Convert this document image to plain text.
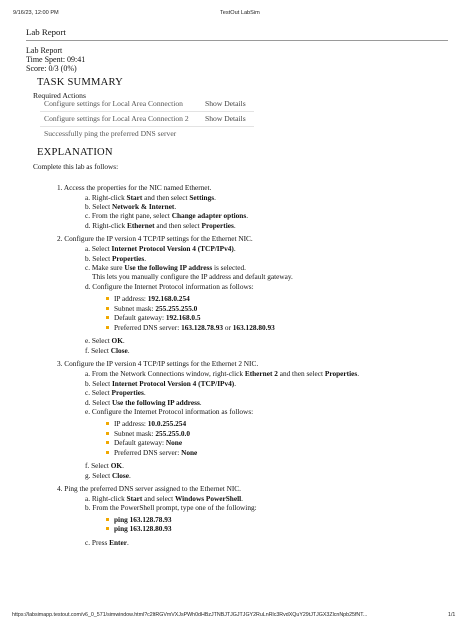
9/16/23, 12:00 PM	TestOut LabSim
Lab Report
Lab Report
Time Spent: 09:41
Score: 0/3 (0%)
TASK SUMMARY
Required Actions
Configure settings for Local Area Connection	Show Details
Configure settings for Local Area Connection 2 Show Details
Successfully ping the preferred DNS server
EXPLANATION
Complete this lab as follows:
1. Access the properties for the NIC named Ethernet.
a. Right-click Start and then select Settings.
b. Select Network & Internet.
c. From the right pane, select Change adapter options.
d. Right-click Ethernet and then select Properties.
2. Configure the IP version 4 TCP/IP settings for the Ethernet NIC.
a. Select Internet Protocol Version 4 (TCP/IPv4).
b. Select Properties.
c. Make sure Use the following IP address is selected.
This lets you manually configure the IP address and default gateway.
d. Configure the Internet Protocol information as follows:
IP address: 192.168.0.254
Subnet mask: 255.255.255.0
Default gateway: 192.168.0.5
Preferred DNS server: 163.128.78.93 or 163.128.80.93
e. Select OK.
f. Select Close.
3. Configure the IP version 4 TCP/IP settings for the Ethernet 2 NIC.
a. From the Network Connections window, right-click Ethernet 2 and then select Properties.
b. Select Internet Protocol Version 4 (TCP/IPv4).
c. Select Properties.
d. Select Use the following IP address.
e. Configure the Internet Protocol information as follows:
IP address: 10.0.255.254
Subnet mask: 255.255.0.0
Default gateway: None
Preferred DNS server: None
f. Select OK.
g. Select Close.
4. Ping the preferred DNS server assigned to the Ethernet NIC.
a. Right-click Start and select Windows PowerShell.
b. From the PowerShell prompt, type one of the following:
ping 163.128.78.93
ping 163.128.80.93
c. Press Enter.
https://labsimapp.testout.com/v6_0_571/simwindow.html?c2ltRGVmVXJsPWh0dHBzJTNBJTJGJTJGY2RuLnRlc3RvdXQuY29tJTJGX3ZlcnNpb25fNT...	1/1
